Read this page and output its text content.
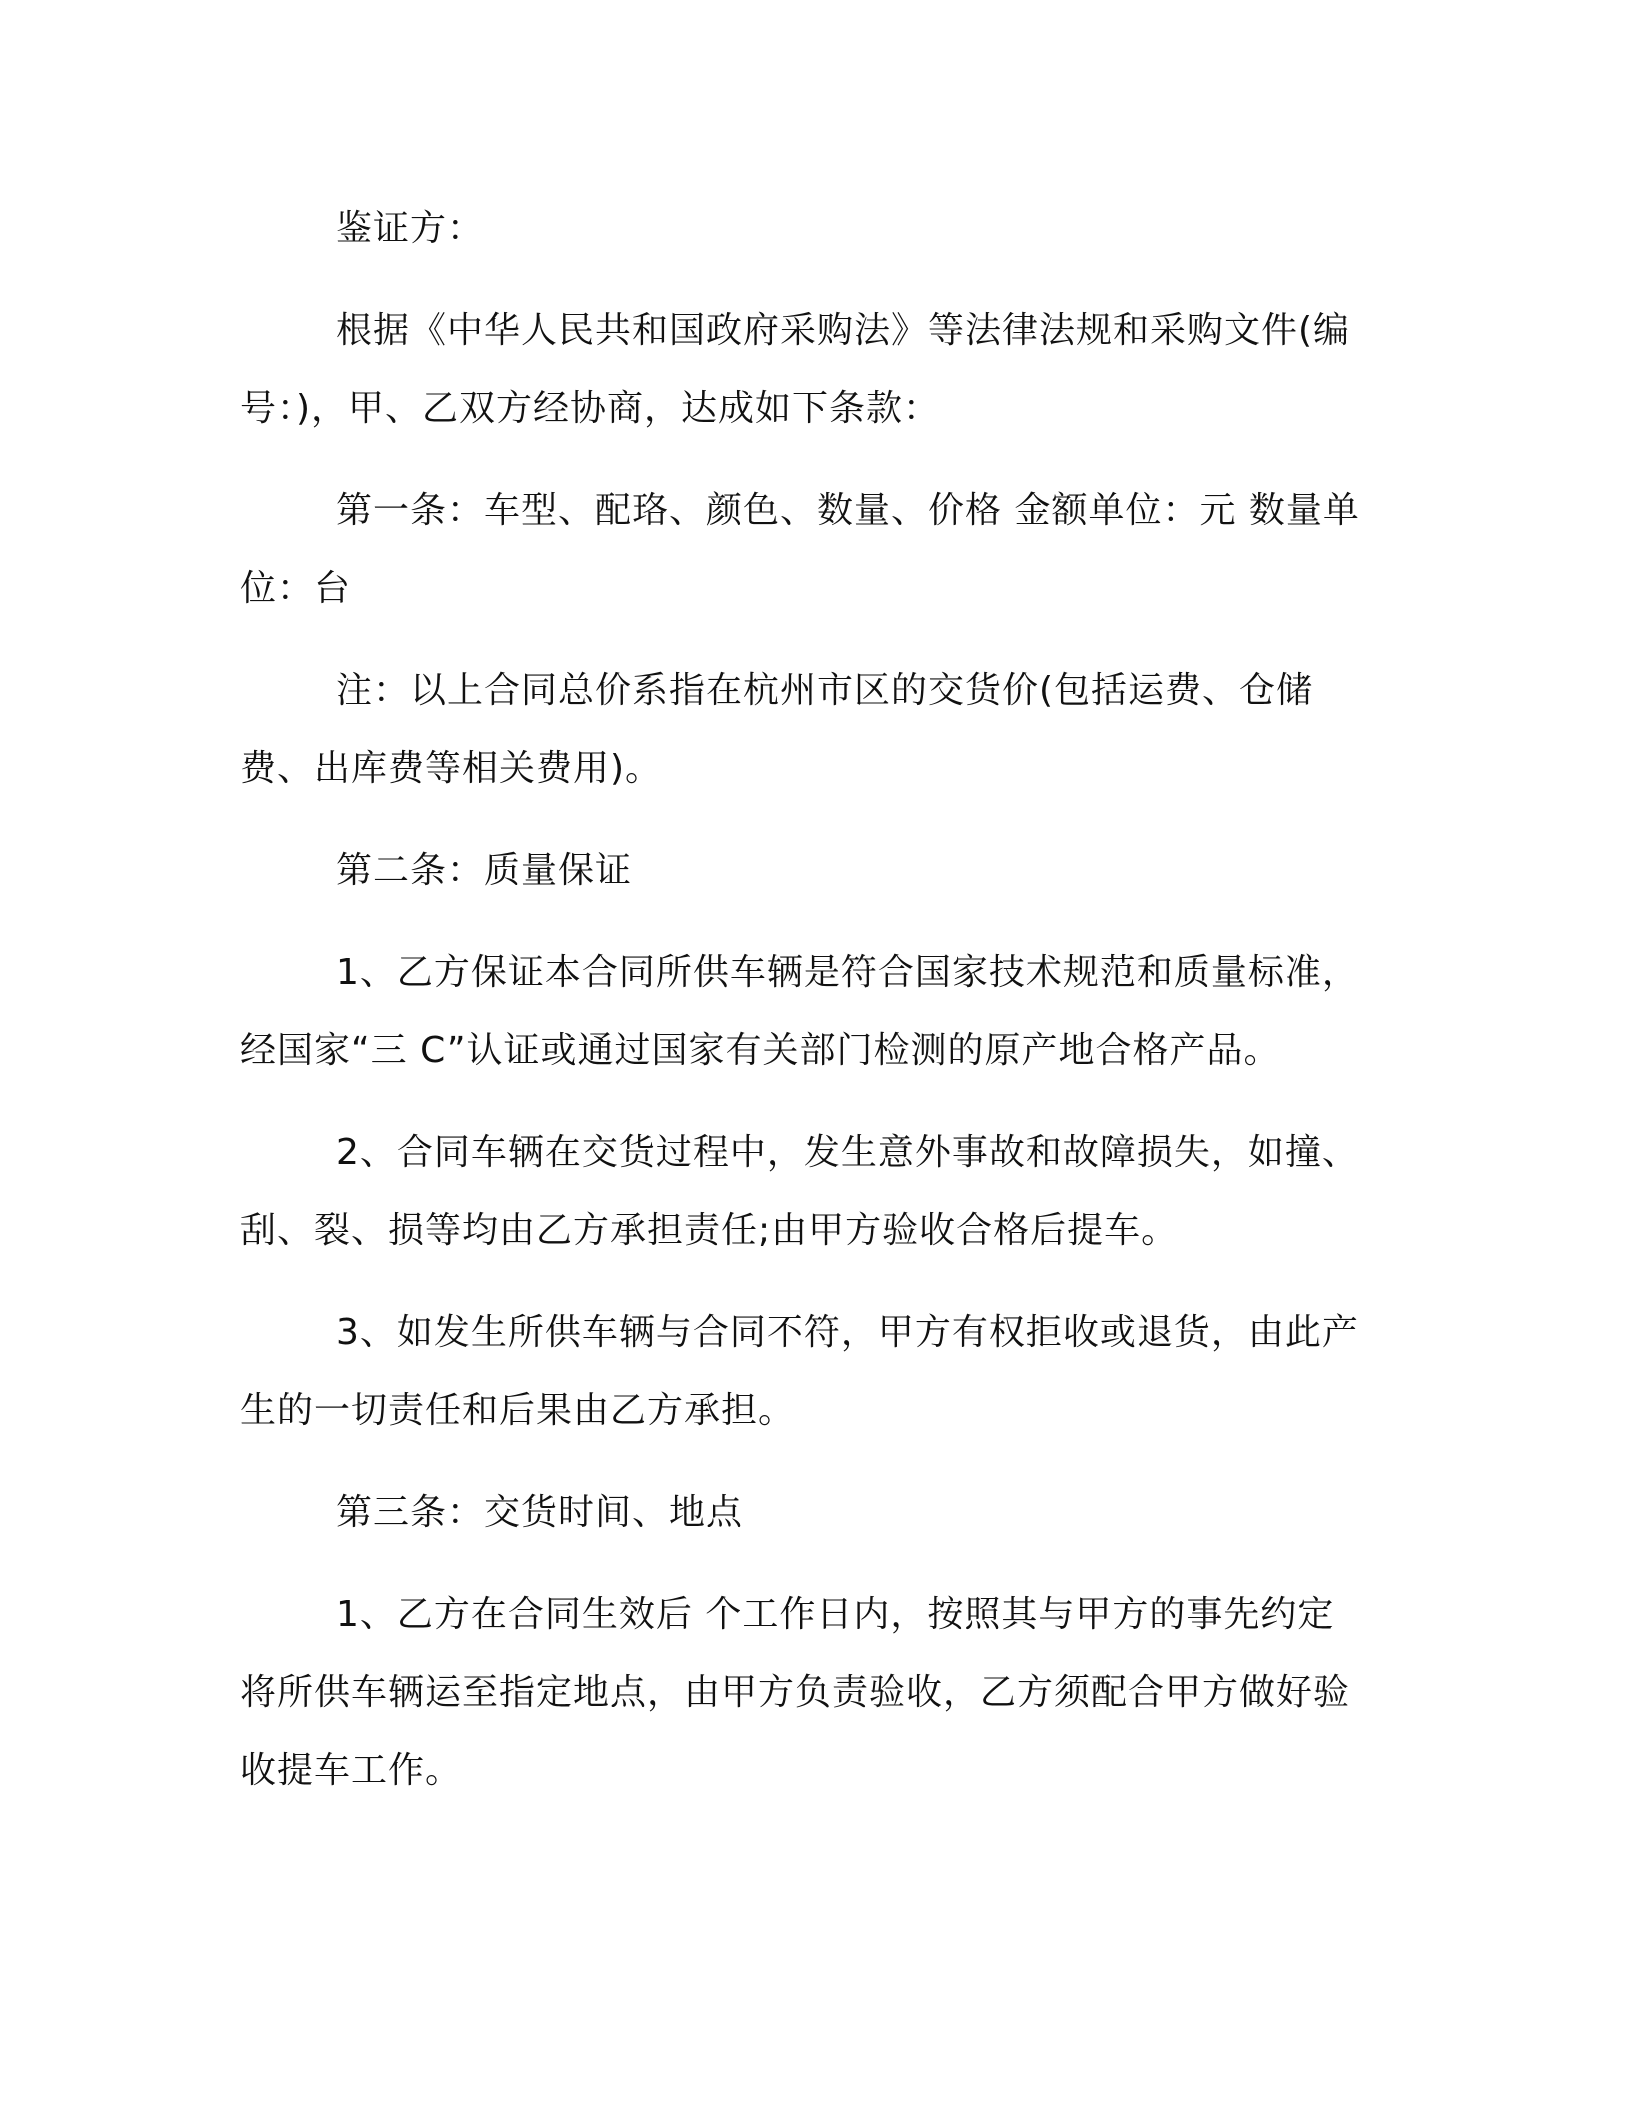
鉴证方：

根据《中华人民共和国政府采购法》等法律法规和采购文件(编号：)，甲、乙双方经协商，达成如下条款：

第一条：车型、配珞、颜色、数量、价格 金额单位：元 数量单位：台

注：以上合同总价系指在杭州市区的交货价(包括运费、仓储费、出库费等相关费用)。

第二条：质量保证

1、乙方保证本合同所供车辆是符合国家技术规范和质量标准，经国家“三 C”认证或通过国家有关部门检测的原产地合格产品。

2、合同车辆在交货过程中，发生意外事故和故障损失，如撞、刮、裂、损等均由乙方承担责任;由甲方验收合格后提车。

3、如发生所供车辆与合同不符，甲方有权拒收或退货，由此产生的一切责任和后果由乙方承担。

第三条：交货时间、地点

1、乙方在合同生效后 个工作日内，按照其与甲方的事先约定将所供车辆运至指定地点，由甲方负责验收，乙方须配合甲方做好验收提车工作。
